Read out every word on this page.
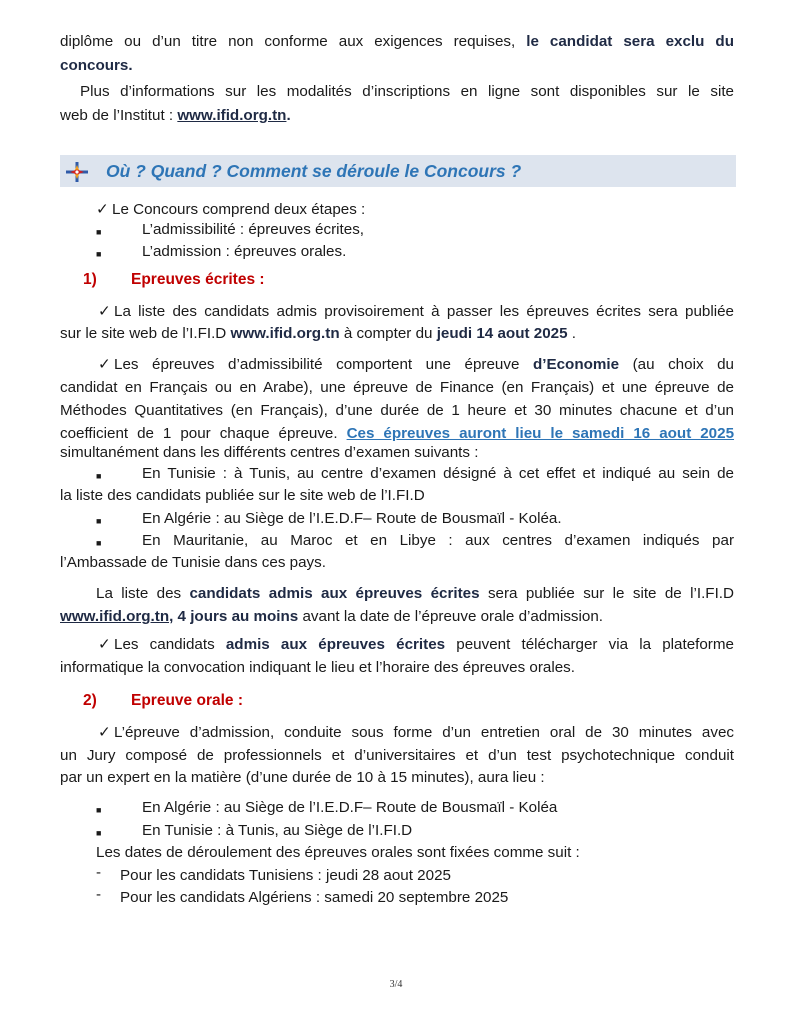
diplôme ou d’un titre non conforme aux exigences requises, le candidat sera exclu du

concours.

Plus d’informations sur les modalités d’inscriptions en ligne sont disponibles sur le site

web de l’Institut : www.ifid.org.tn.

Où ? Quand ? Comment se déroule le Concours ?

✓ Le Concours comprend deux étapes :

■	L’admissibilité : épreuves écrites,
■	L’admission : épreuves orales.
1) Epreuves écrites :

✓ La liste des candidats admis provisoirement à passer les épreuves écrites sera publiée

sur le site web de l’I.FI.D www.ifid.org.tn à compter du jeudi 14 aout 2025 .

✓ Les épreuves d’admissibilité comportent une épreuve d’Economie (au choix du

candidat en Français ou en Arabe), une épreuve de Finance (en Français) et une épreuve de

Méthodes Quantitatives (en Français), d’une durée de 1 heure et 30 minutes chacune et d’un

coefficient de 1 pour chaque épreuve. Ces épreuves auront lieu le samedi 16 aout 2025

simultanément dans les différents centres d’examen suivants :

■	En Tunisie : à Tunis, au centre d’examen désigné à cet effet et indiqué au sein de

la liste des candidats publiée sur le site web de l’I.FI.D

■	En Algérie : au Siège de l’I.E.D.F– Route de Bousmaïl - Koléa.
■	En Mauritanie, au Maroc et en Libye : aux centres d’examen indiqués par

l’Ambassade de Tunisie dans ces pays.

La liste des candidats admis aux épreuves écrites sera publiée sur le site de l’I.FI.D

www.ifid.org.tn, 4 jours au moins avant la date de l’épreuve orale d’admission.

✓ Les candidats admis aux épreuves écrites peuvent télécharger via la plateforme

informatique la convocation indiquant le lieu et l’horaire des épreuves orales.

2) Epreuve orale :

✓ L’épreuve d’admission, conduite sous forme d’un entretien oral de 30 minutes avec

un Jury composé de professionnels et d’universitaires et d’un test psychotechnique conduit

par un expert en la matière (d’une durée de 10 à 15 minutes), aura lieu :

■	En Algérie : au Siège de l’I.E.D.F– Route de Bousmaïl - Koléa
■	En Tunisie : à Tunis, au Siège de l’I.FI.D

Les dates de déroulement des épreuves orales sont fixées comme suit :

- Pour les candidats Tunisiens : jeudi 28 aout 2025
- Pour les candidats Algériens : samedi 20 septembre 2025
3/4
